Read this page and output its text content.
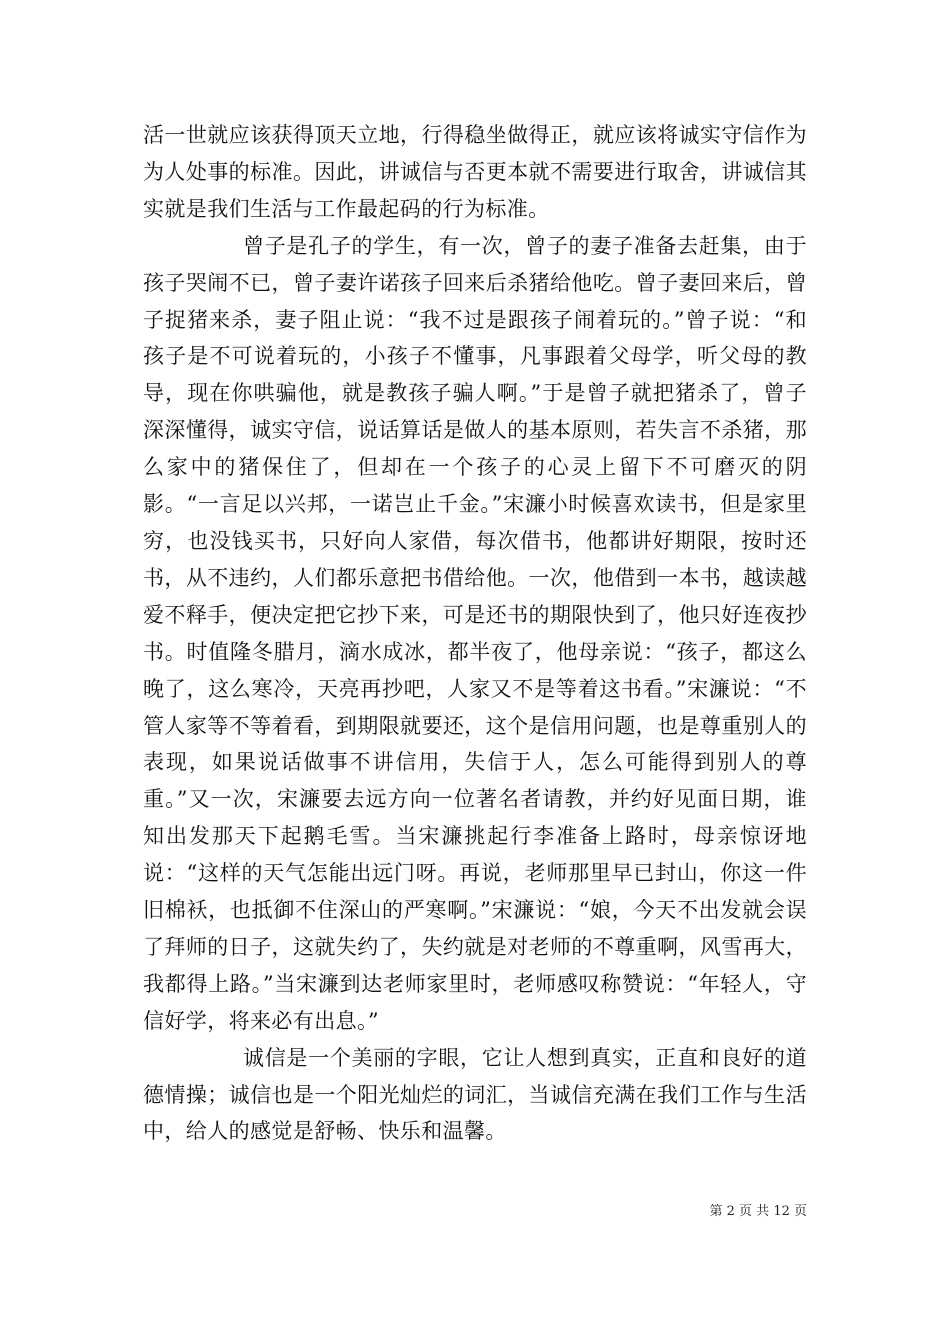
活一世就应该获得顶天立地，行得稳坐做得正，就应该将诚实守信作为为人处事的标准。因此，讲诚信与否更本就不需要进行取舍，讲诚信其实就是我们生活与工作最起码的行为标准。

曾子是孔子的学生，有一次，曾子的妻子准备去赶集，由于孩子哭闹不已，曾子妻许诺孩子回来后杀猪给他吃。曾子妻回来后，曾子捉猪来杀，妻子阻止说：“我不过是跟孩子闹着玩的。”曾子说：“和孩子是不可说着玩的，小孩子不懂事，凡事跟着父母学，听父母的教导，现在你哄骗他，就是教孩子骗人啊。”于是曾子就把猪杀了，曾子深深懂得，诚实守信，说话算话是做人的基本原则，若失言不杀猪，那么家中的猪保住了，但却在一个孩子的心灵上留下不可磨灭的阴影。“一言足以兴邦，一诺岂止千金。”宋濂小时候喜欢读书，但是家里穷，也没钱买书，只好向人家借，每次借书，他都讲好期限，按时还书，从不违约，人们都乐意把书借给他。一次，他借到一本书，越读越爱不释手，便决定把它抄下来，可是还书的期限快到了，他只好连夜抄书。时值隆冬腊月，滴水成冰，都半夜了，他母亲说：“孩子，都这么晚了，这么寒冷，天亮再抄吧，人家又不是等着这书看。”宋濂说：“不管人家等不等着看，到期限就要还，这个是信用问题，也是尊重别人的表现，如果说话做事不讲信用，失信于人，怎么可能得到别人的尊重。”又一次，宋濂要去远方向一位著名者请教，并约好见面日期，谁知出发那天下起鹅毛雪。当宋濂挑起行李准备上路时，母亲惊讶地说：“这样的天气怎能出远门呀。再说，老师那里早已封山，你这一件旧棉袄，也抵御不住深山的严寒啊。”宋濂说：“娘，今天不出发就会误了拜师的日子，这就失约了，失约就是对老师的不尊重啊，风雪再大，我都得上路。”当宋濂到达老师家里时，老师感叹称赞说：“年轻人，守信好学，将来必有出息。”

诚信是一个美丽的字眼，它让人想到真实，正直和良好的道德情操；诚信也是一个阳光灿烂的词汇，当诚信充满在我们工作与生活中，给人的感觉是舒畅、快乐和温馨。

第 2 页 共 12 页
